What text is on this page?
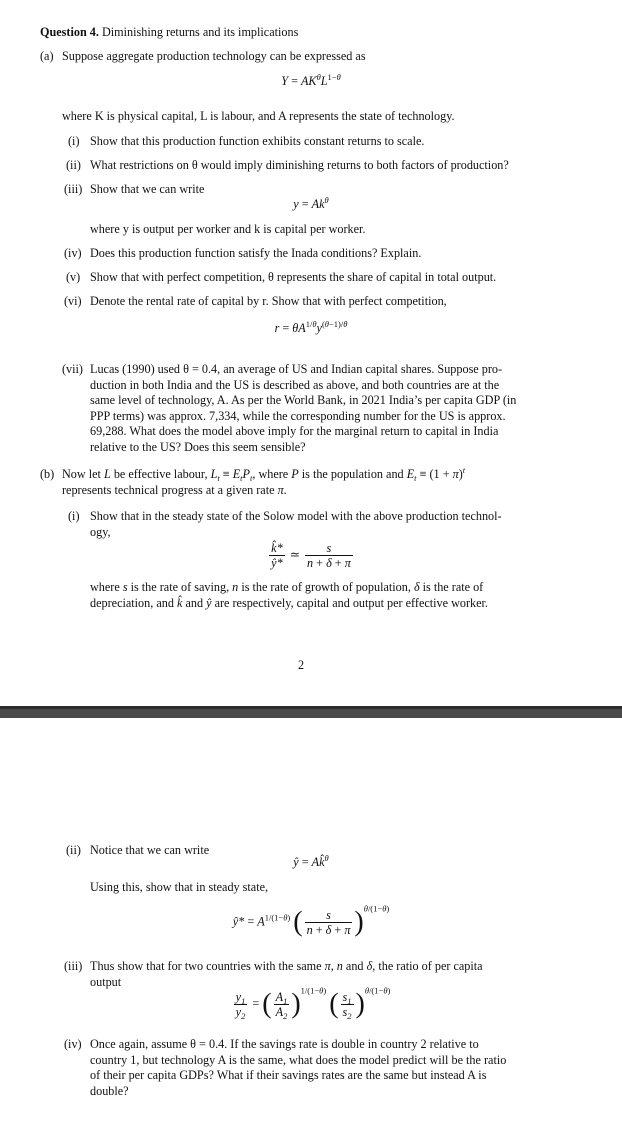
Question 4. Diminishing returns and its implications
(a) Suppose aggregate production technology can be expressed as
$Y = AK^\theta L^{1-\theta}$
where K is physical capital, L is labour, and A represents the state of technology.
(i) Show that this production function exhibits constant returns to scale.
(ii) What restrictions on θ would imply diminishing returns to both factors of production?
(iii) Show that we can write
$y = Ak^\theta$
where y is output per worker and k is capital per worker.
(iv) Does this production function satisfy the Inada conditions? Explain.
(v) Show that with perfect competition, θ represents the share of capital in total output.
(vi) Denote the rental rate of capital by r. Show that with perfect competition,
$r = \theta A^{1/\theta}y^{(\theta-1)/\theta}$
(vii) Lucas (1990) used θ = 0.4, an average of US and Indian capital shares. Suppose pro-
duction in both India and the US is described as above, and both countries are at the
same level of technology, A. As per the World Bank, in 2021 India’s per capita GDP (in
PPP terms) was approx. 7,334, while the corresponding number for the US is approx.
69,288. What does the model above imply for the marginal return to capital in India
relative to the US? Does this seem sensible?
(b) Now let L be effective labour, $L_t \equiv E_tP_t$, where P is the population and $E_t \equiv (1 + \pi)^t$
represents technical progress at a given rate π.
(i) Show that in the steady state of the Solow model with the above production technol-
ogy,
$\frac{k̂*}{ŷ*}$ ≃ $\frac{s}{n + \delta + \pi}$
where s is the rate of saving, n is the rate of growth of population, δ is the rate of
depreciation, and k̂ and ŷ are respectively, capital and output per effective worker.
2
(ii) Notice that we can write
ŷ = Ak̂$^\theta$
Using this, show that in steady state,
ŷ* = $A^{1/(1-\theta)}$ ( $\frac{s}{n + \delta + \pi} )^{\theta/(1-\theta)}$
(iii) Thus show that for two countries with the same π, n and δ, the ratio of per capita
output
$\frac{y_1}{y_2}$ = ( $\frac{A_1}{A_2} )^{1/(1-\theta)}$ ( $\frac{s_1}{s_2} )^{\theta/(1-\theta)}$
(iv) Once again, assume θ = 0.4. If the savings rate is double in country 2 relative to
country 1, but technology A is the same, what does the model predict will be the ratio
of their per capita GDPs? What if their savings rates are the same but instead A is
double?
